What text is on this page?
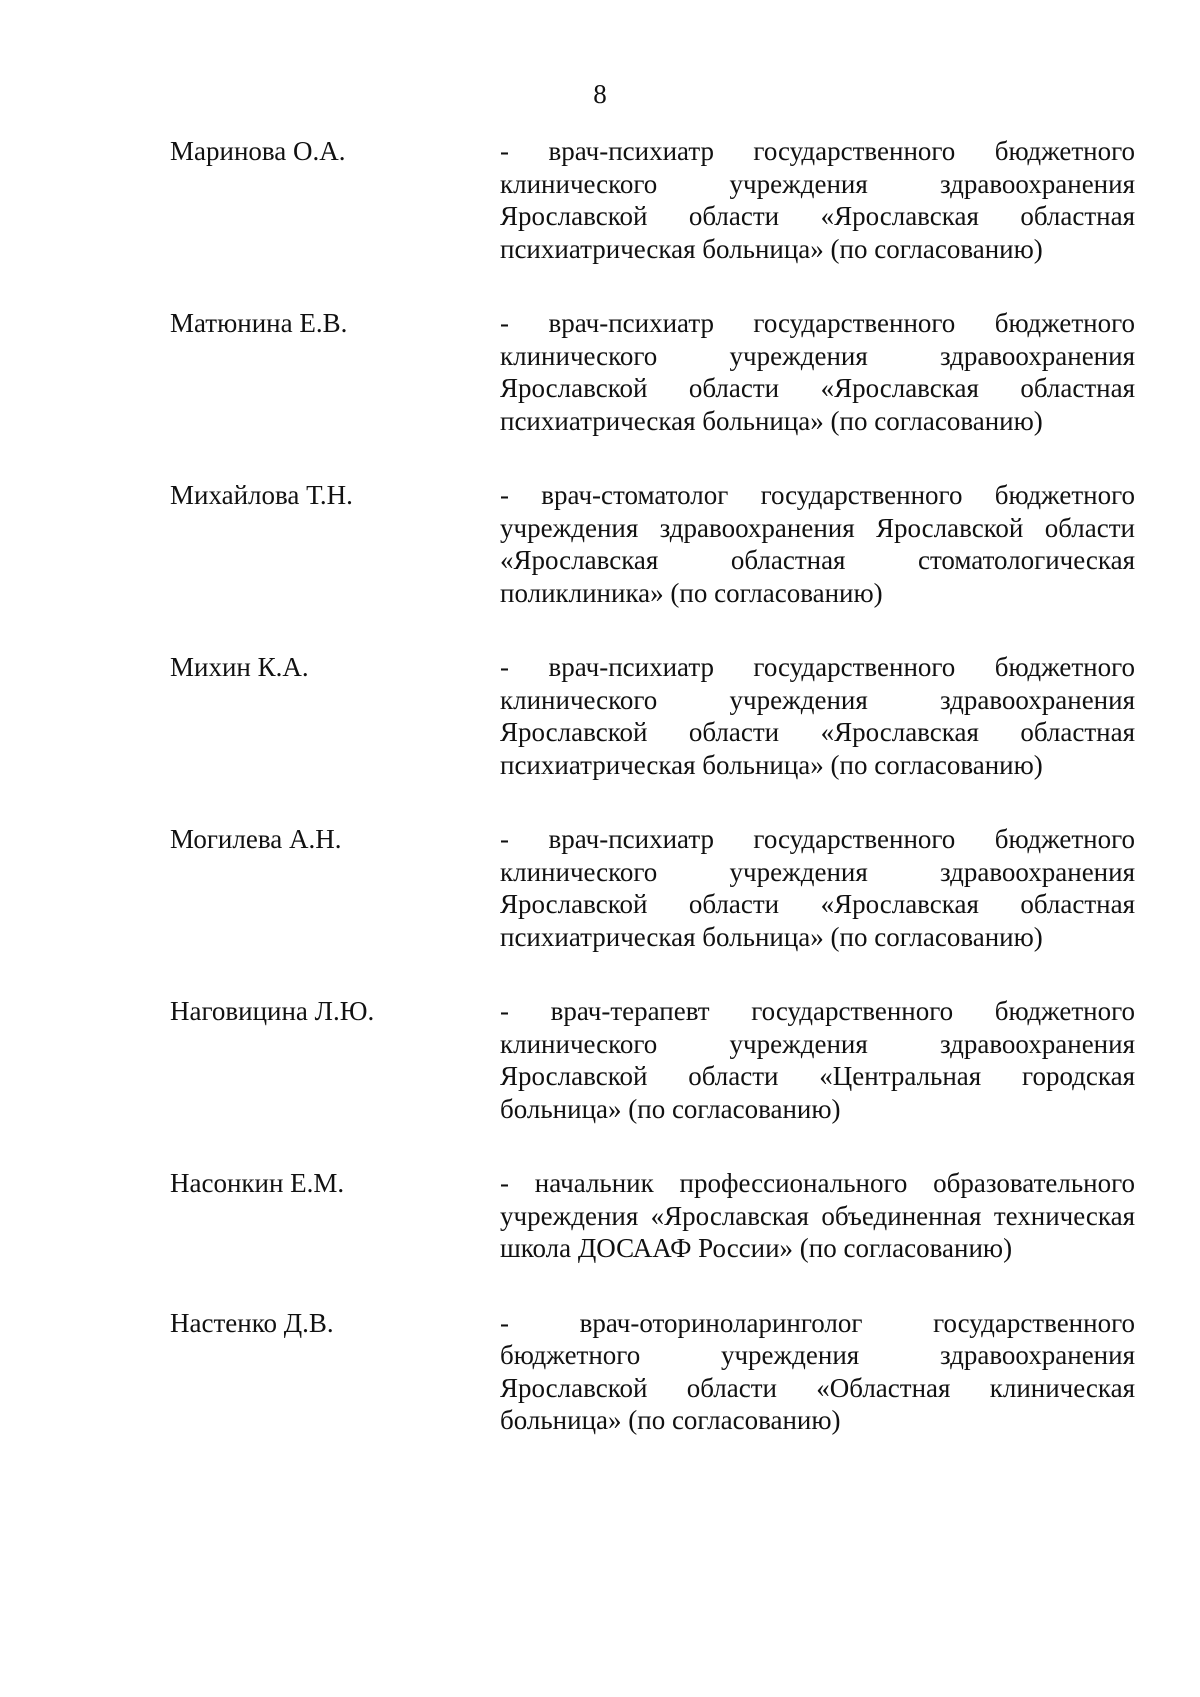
8
Маринова О.А.	- врач-психиатр государственного бюджетного клинического учреждения здравоохранения Ярославской области «Ярославская областная психиатрическая больница» (по согласованию)
Матюнина Е.В.	- врач-психиатр государственного бюджетного клинического учреждения здравоохранения Ярославской области «Ярославская областная психиатрическая больница» (по согласованию)
Михайлова Т.Н.	- врач-стоматолог государственного бюджетного учреждения здравоохранения Ярославской области «Ярославская областная стоматологическая поликлиника» (по согласованию)
Михин К.А.	- врач-психиатр государственного бюджетного клинического учреждения здравоохранения Ярославской области «Ярославская областная психиатрическая больница» (по согласованию)
Могилева А.Н.	- врач-психиатр государственного бюджетного клинического учреждения здравоохранения Ярославской области «Ярославская областная психиатрическая больница» (по согласованию)
Наговицина Л.Ю.	- врач-терапевт государственного бюджетного клинического учреждения здравоохранения Ярославской области «Центральная городская больница» (по согласованию)
Насонкин Е.М.	- начальник профессионального образовательного учреждения «Ярославская объединенная техническая школа ДОСААФ России» (по согласованию)
Настенко Д.В.	- врач-оториноларинголог государственного бюджетного учреждения здравоохранения Ярославской области «Областная клиническая больница» (по согласованию)
